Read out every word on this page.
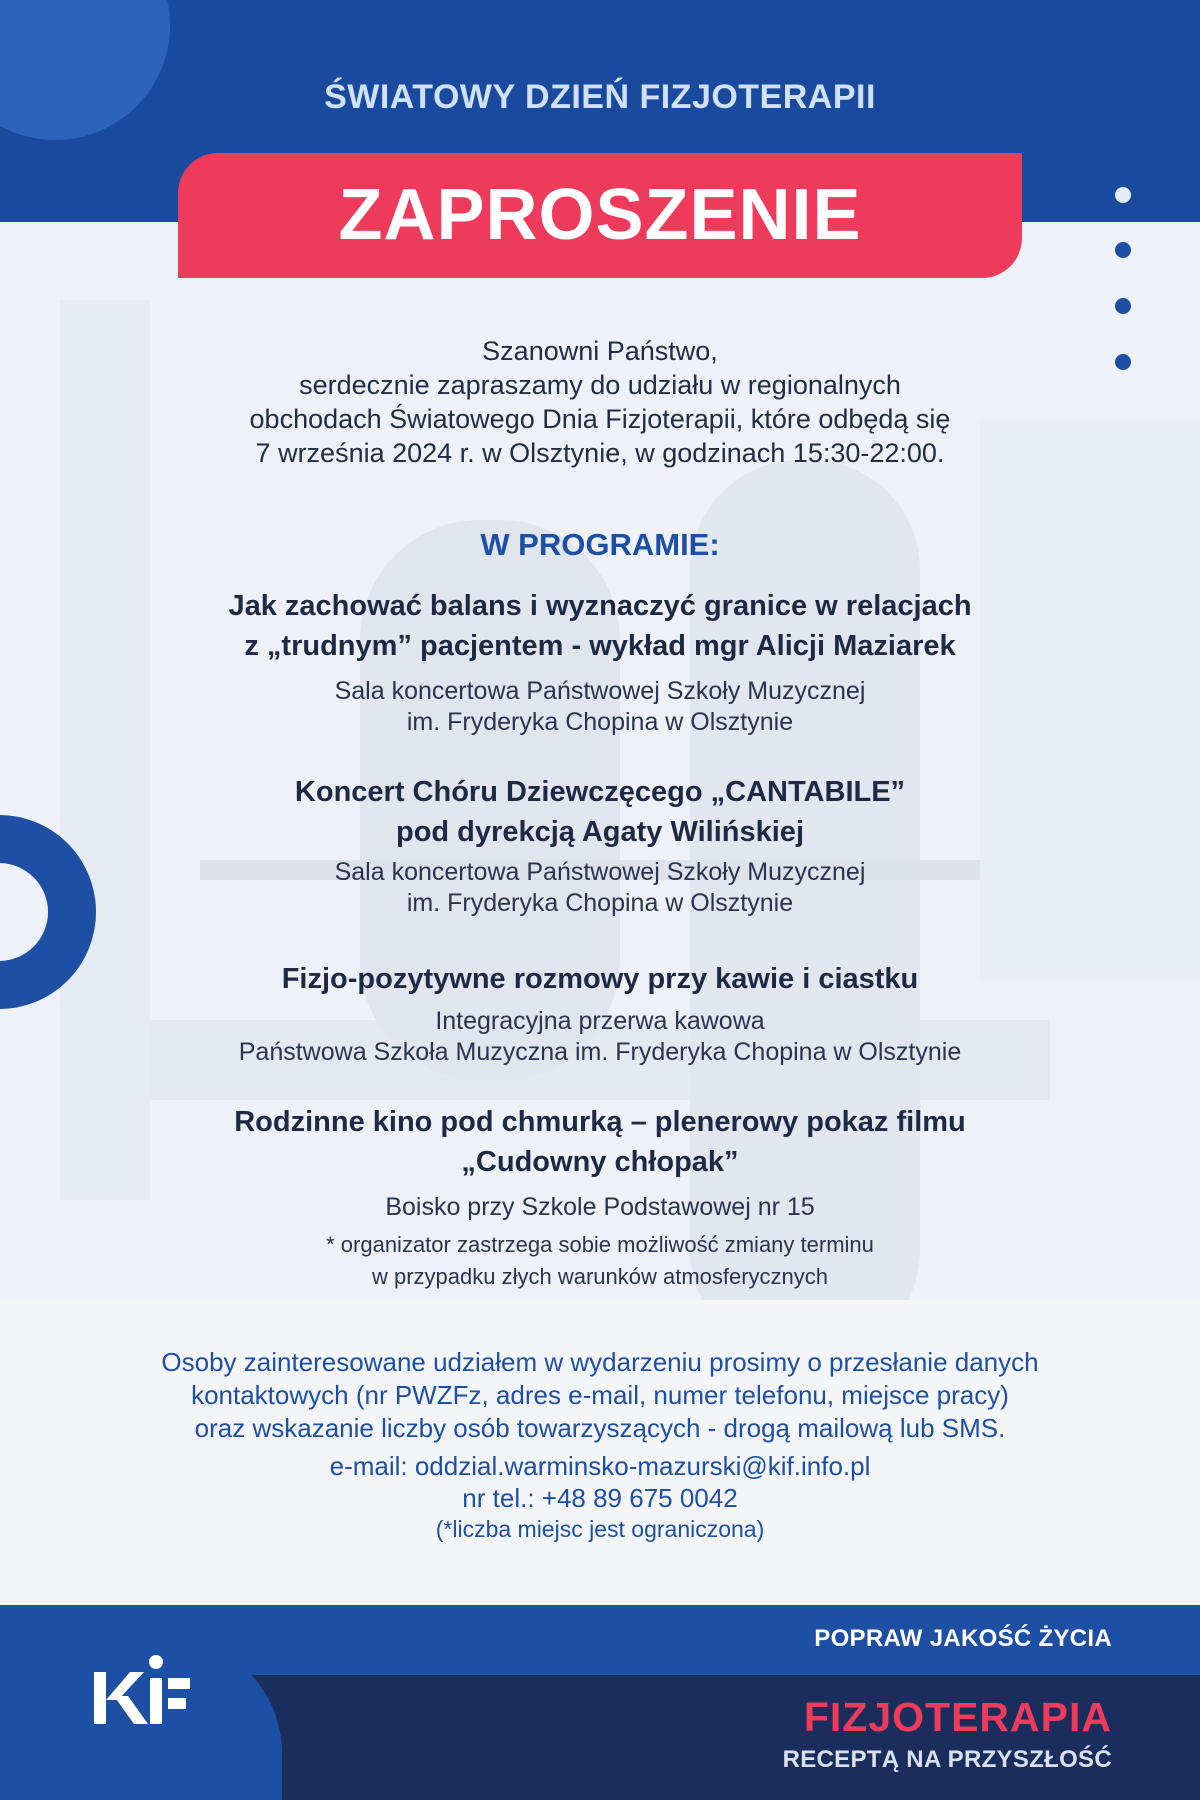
ŚWIATOWY DZIEŃ FIZJOTERAPII
ZAPROSZENIE
Szanowni Państwo,
serdecznie zapraszamy do udziału w regionalnych
obchodach Światowego Dnia Fizjoterapii, które odbędą się
7 września 2024 r. w Olsztynie, w godzinach 15:30-22:00.
W PROGRAMIE:
Jak zachować balans i wyznaczyć granice w relacjach
z „trudnym” pacjentem - wykład mgr Alicji Maziarek
Sala koncertowa Państwowej Szkoły Muzycznej
im. Fryderyka Chopina w Olsztynie
Koncert Chóru Dziewczęcego „CANTABILE”
pod dyrekcją Agaty Wilińskiej
Sala koncertowa Państwowej Szkoły Muzycznej
im. Fryderyka Chopina w Olsztynie
Fizjo-pozytywne rozmowy przy kawie i ciastku
Integracyjna przerwa kawowa
Państwowa Szkoła Muzyczna im. Fryderyka Chopina w Olsztynie
Rodzinne kino pod chmurką – plenerowy pokaz filmu
„Cudowny chłopak”
Boisko przy Szkole Podstawowej nr 15
* organizator zastrzega sobie możliwość zmiany terminu
w przypadku złych warunków atmosferycznych
Osoby zainteresowane udziałem w wydarzeniu prosimy o przesłanie danych
kontaktowych (nr PWZFz, adres e-mail, numer telefonu, miejsce pracy)
oraz wskazanie liczby osób towarzyszących - drogą mailową lub SMS.
e-mail: oddzial.warminsko-mazurski@kif.info.pl
nr tel.: +48 89 675 0042
(*liczba miejsc jest ograniczona)
POPRAW JAKOŚĆ ŻYCIA
FIZJOTERAPIA
RECEPTĄ NA PRZYSZŁOŚĆ
